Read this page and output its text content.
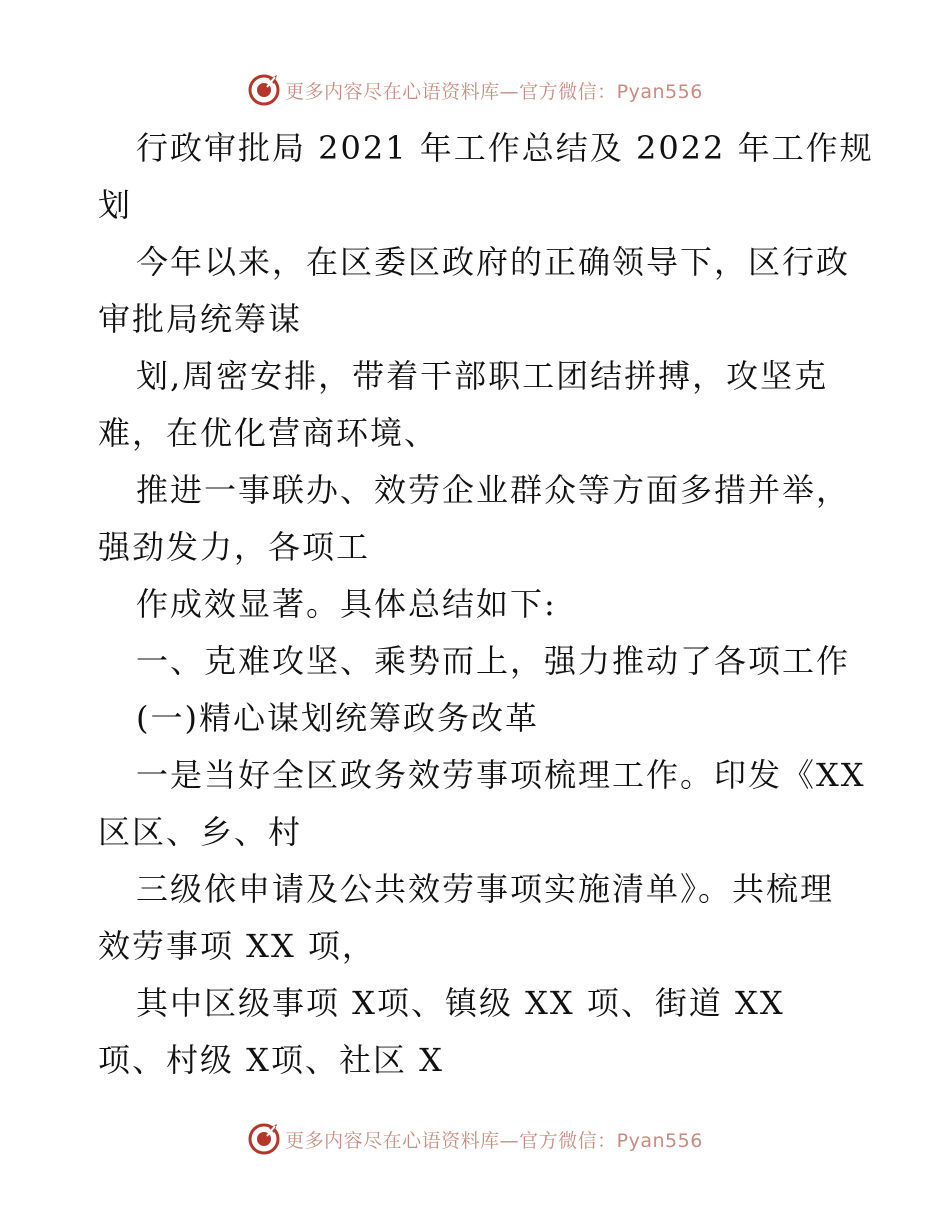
更多内容尽在心语资料库—官方微信：Pyan556
行政审批局 2021 年工作总结及 2022 年工作规
划
今年以来，在区委区政府的正确领导下，区行政
审批局统筹谋
划,周密安排，带着干部职工团结拼搏，攻坚克
难，在优化营商环境、
推进一事联办、效劳企业群众等方面多措并举，
强劲发力，各项工
作成效显著。具体总结如下:
一、克难攻坚、乘势而上，强力推动了各项工作
(一)精心谋划统筹政务改革
一是当好全区政务效劳事项梳理工作。印发《XX
区区、乡、村
三级依申请及公共效劳事项实施清单》。共梳理
效劳事项 XX 项，
其中区级事项 X项、镇级 XX 项、街道 XX
项、村级 X项、社区 X
更多内容尽在心语资料库—官方微信：Pyan556
